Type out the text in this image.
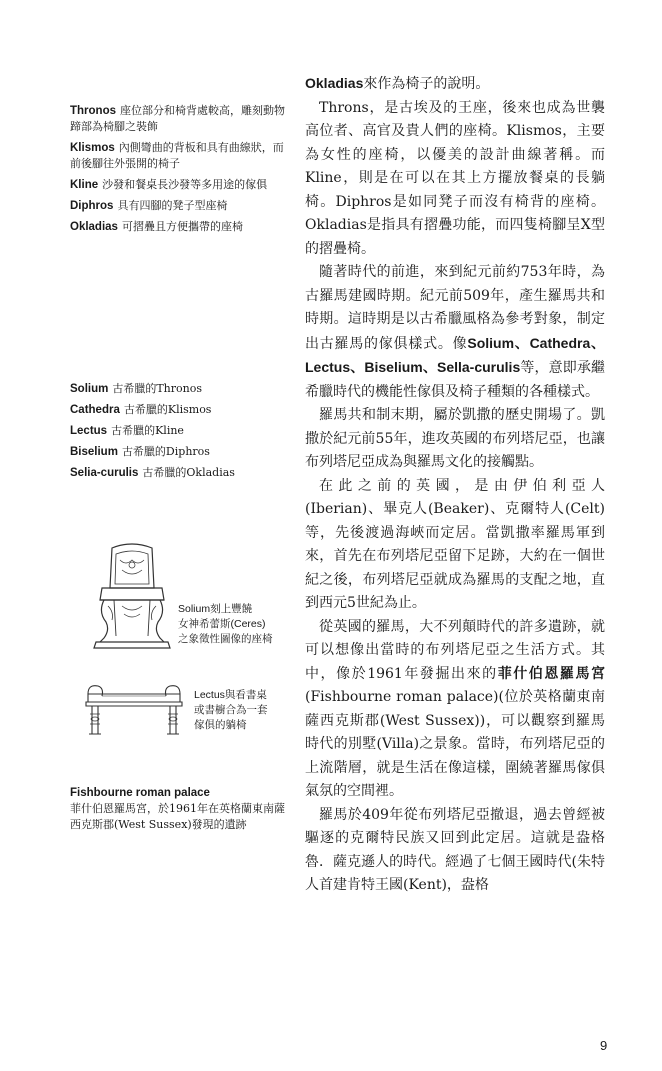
Thronos 座位部分和椅背處較高，雕刻動物蹄部為椅腳之裝飾
Klismos 內側彎曲的背板和具有曲線狀，而前後腳往外張開的椅子
Kline 沙發和餐桌長沙發等多用途的傢俱
Diphros 具有四腳的凳子型座椅
Okladias 可摺疊且方便攜帶的座椅
Solium 古希臘的Thronos
Cathedra 古希臘的Klismos
Lectus 古希臘的Kline
Biselium 古希臘的Diphros
Selia-curulis 古希臘的Okladias
Solium刻上豐饒
女神希蕾斯(Ceres)
之象徵性圖像的座椅
Lectus與看書桌
或書櫥合為一套
傢俱的躺椅
Fishbourne roman palace
菲什伯恩羅馬宮，於1961年在英格蘭東南薩西克斯郡(West Sussex)發現的遺跡

Okladias來作為椅子的說明。

Throns，是古埃及的王座，後來也成為世襲高位者、高官及貴人們的座椅。Klismos，主要為女性的座椅，以優美的設計曲線著稱。而Kline，則是在可以在其上方擺放餐桌的長躺椅。Diphros是如同凳子而沒有椅背的座椅。Okladias是指具有摺疊功能，而四隻椅腳呈X型的摺疊椅。

隨著時代的前進，來到紀元前約753年時，為古羅馬建國時期。紀元前509年，產生羅馬共和時期。這時期是以古希臘風格為參考對象，制定出古羅馬的傢俱樣式。像Solium、Cathedra、Lectus、Biselium、Sella-curulis等，意即承繼希臘時代的機能性傢俱及椅子種類的各種樣式。

羅馬共和制末期，屬於凱撒的歷史開場了。凱撒於紀元前55年，進攻英國的布列塔尼亞，也讓布列塔尼亞成為與羅馬文化的接觸點。

在此之前的英國，是由伊伯利亞人(Iberian)、畢克人(Beaker)、克爾特人(Celt)等，先後渡過海峽而定居。當凱撒率羅馬軍到來，首先在布列塔尼亞留下足跡，大約在一個世紀之後，布列塔尼亞就成為羅馬的支配之地，直到西元5世紀為止。

從英國的羅馬，大不列顛時代的許多遺跡，就可以想像出當時的布列塔尼亞之生活方式。其中，像於1961年發掘出來的菲什伯恩羅馬宮(Fishbourne roman palace)(位於英格蘭東南薩西克斯郡(West Sussex))，可以觀察到羅馬時代的別墅(Villa)之景象。當時，布列塔尼亞的上流階層，就是生活在像這樣，圍繞著羅馬傢俱氣氛的空間裡。

羅馬於409年從布列塔尼亞撤退，過去曾經被驅逐的克爾特民族又回到此定居。這就是盎格魯．薩克遜人的時代。經過了七個王國時代(朱特人首建肯特王國(Kent)，盎格

9
